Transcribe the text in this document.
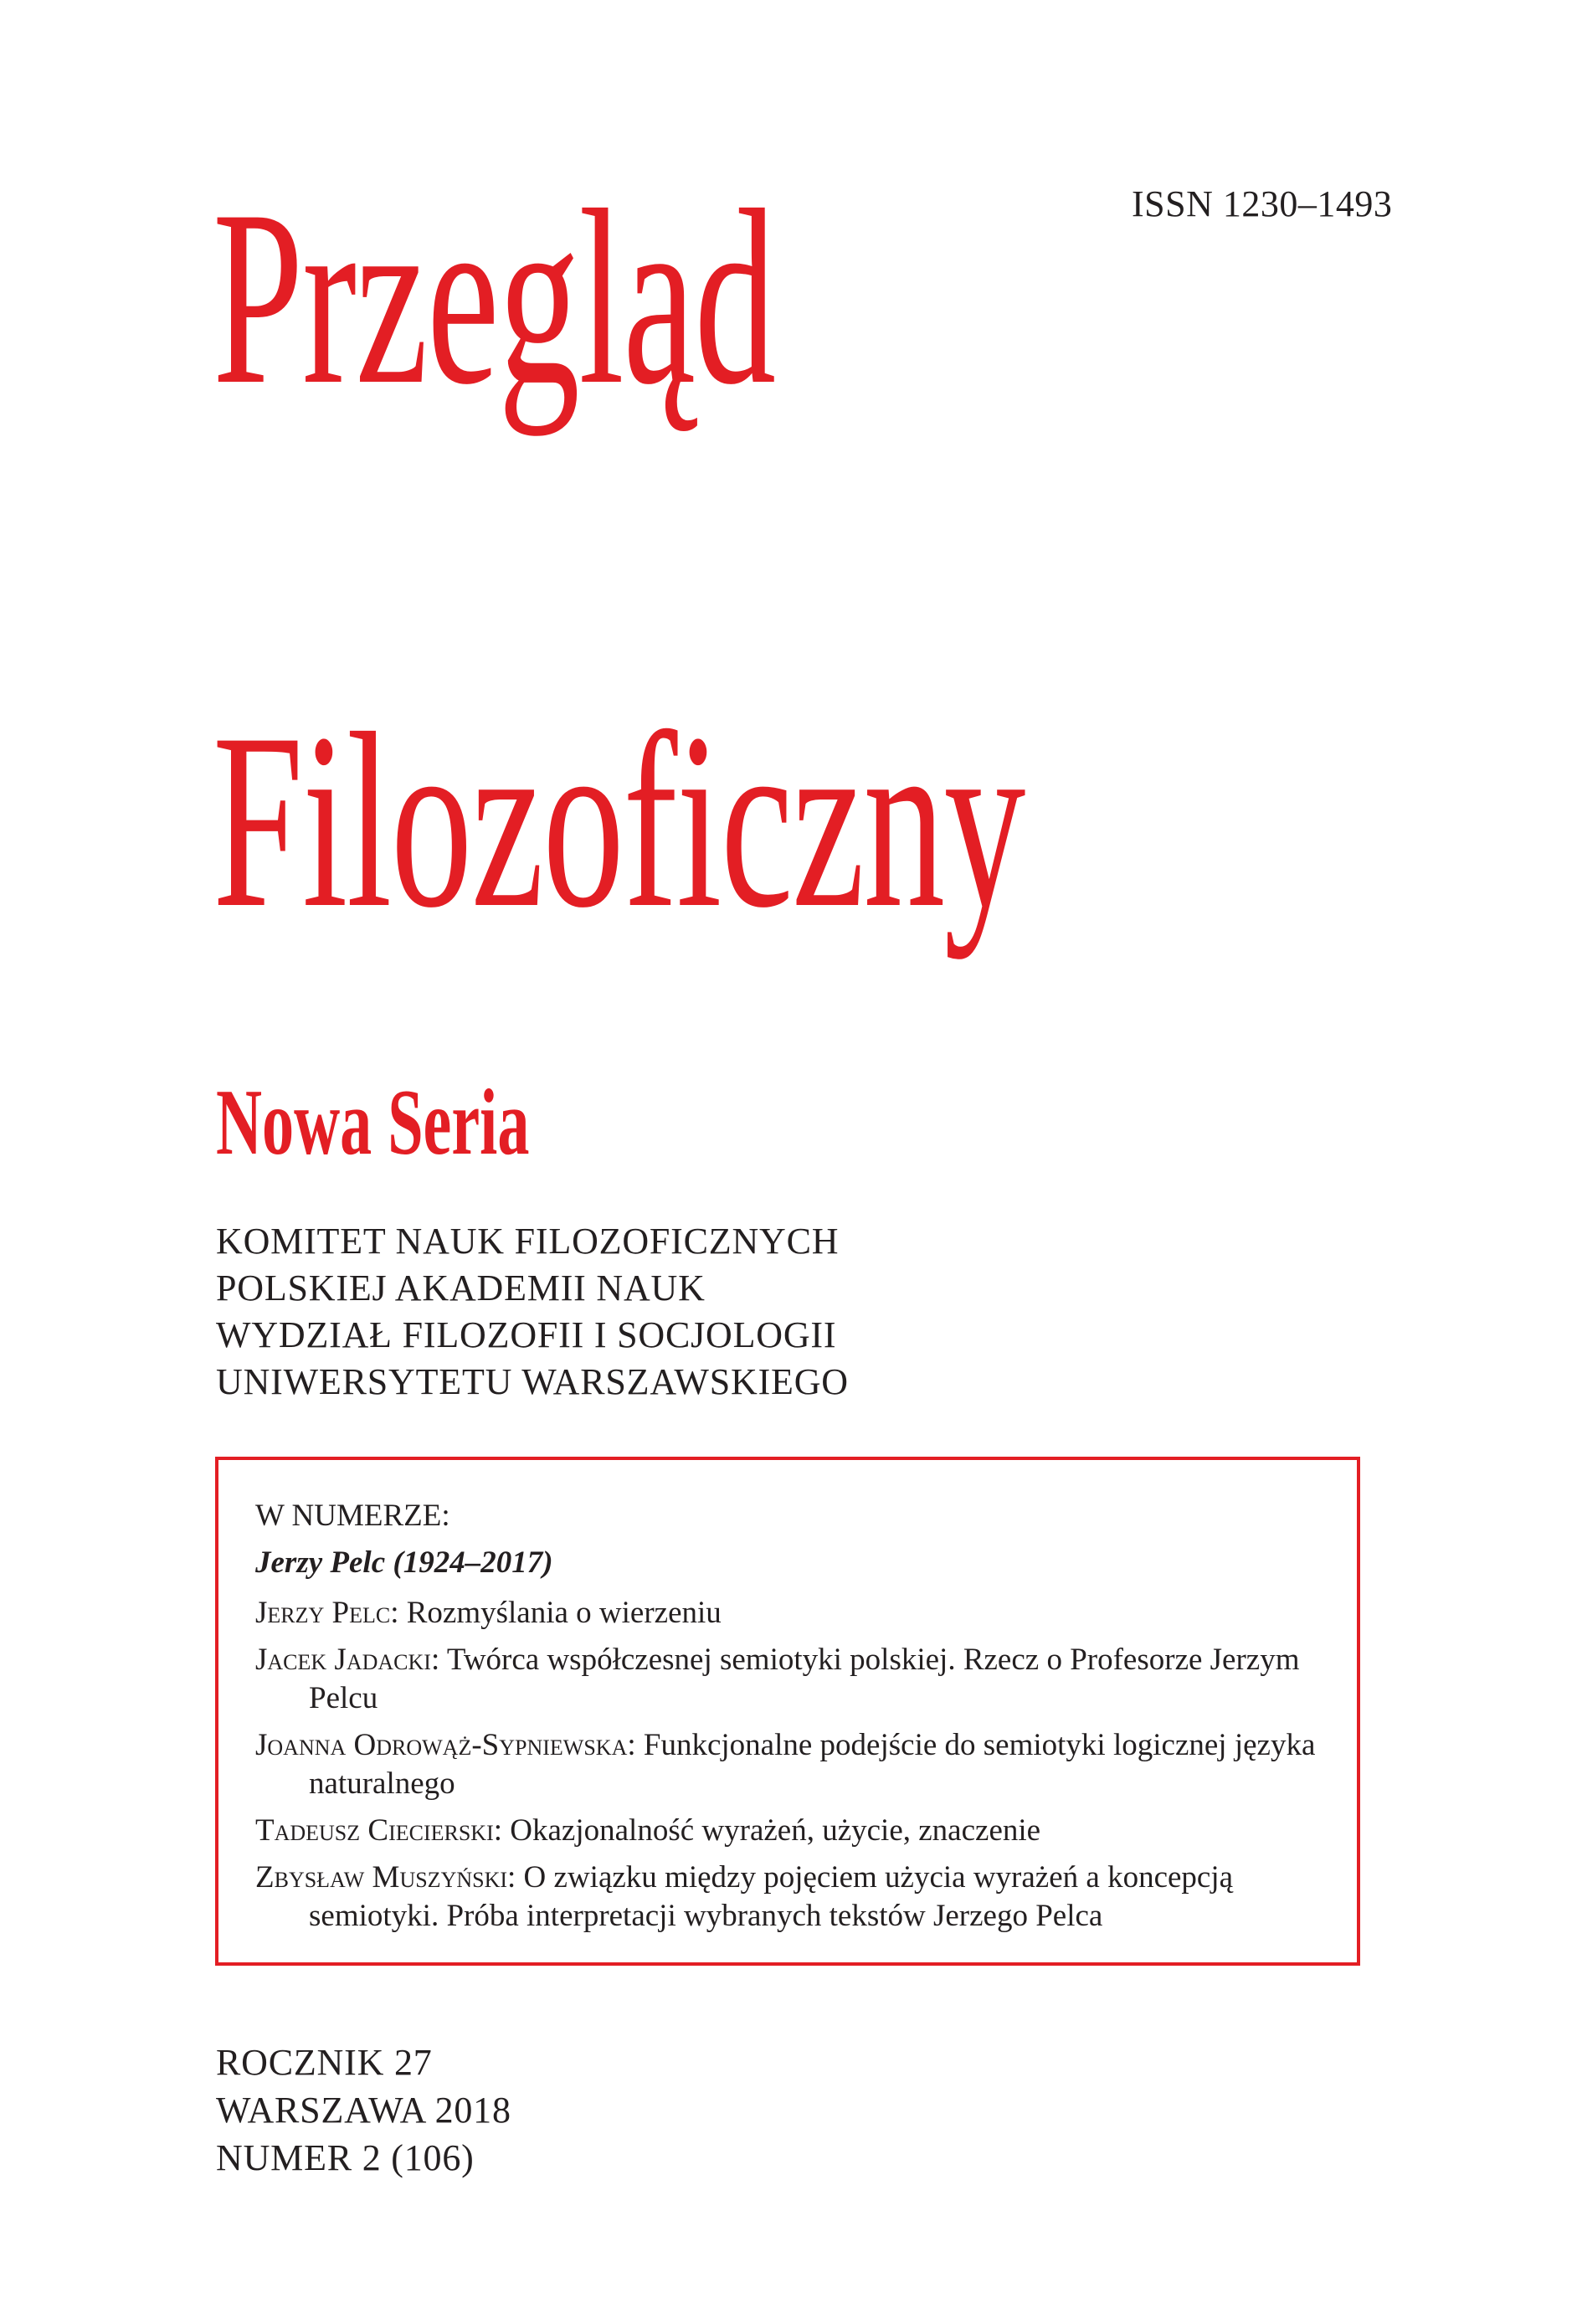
ISSN 1230–1493
Przegląd
Filozoficzny
Nowa Seria
KOMITET NAUK FILOZOFICZNYCH
POLSKIEJ AKADEMII NAUK
WYDZIAŁ FILOZOFII I SOCJOLOGII
UNIWERSYTETU WARSZAWSKIEGO
W NUMERZE:
Jerzy Pelc (1924–2017)
Jerzy Pelc: Rozmyślania o wierzeniu
Jacek Jadacki: Twórca współczesnej semiotyki polskiej. Rzecz o Profesorze Jerzym Pelcu
Joanna Odrowąż-Sypniewska: Funkcjonalne podejście do semiotyki logicznej języka naturalnego
Tadeusz Ciecierski: Okazjonalność wyrażeń, użycie, znaczenie
Zbysław Muszyński: O związku między pojęciem użycia wyrażeń a koncepcją semiotyki. Próba interpretacji wybranych tekstów Jerzego Pelca
ROCZNIK 27
WARSZAWA 2018
NUMER 2 (106)
